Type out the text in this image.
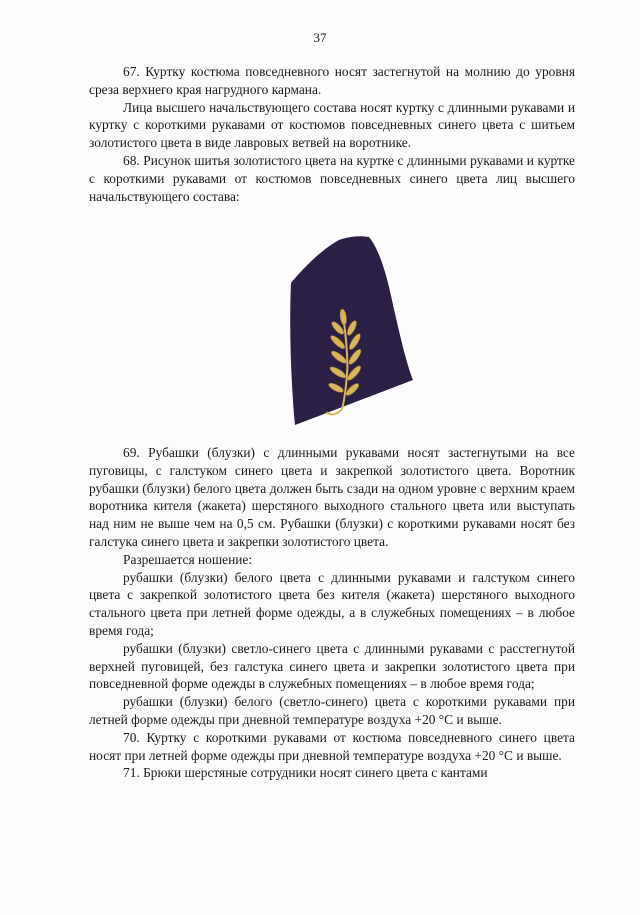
37

67. Куртку костюма повседневного носят застегнутой на молнию до уровня среза верхнего края нагрудного кармана.

Лица высшего начальствующего состава носят куртку с длинными рукавами и куртку с короткими рукавами от костюмов повседневных синего цвета с шитьем золотистого цвета в виде лавровых ветвей на воротнике.

68. Рисунок шитья золотистого цвета на куртке с длинными рукавами и куртке с короткими рукавами от костюмов повседневных синего цвета лиц высшего начальствующего состава:

69. Рубашки (блузки) с длинными рукавами носят застегнутыми на все пуговицы, с галстуком синего цвета и закрепкой золотистого цвета. Воротник рубашки (блузки) белого цвета должен быть сзади на одном уровне с верхним краем воротника кителя (жакета) шерстяного выходного стального цвета или выступать над ним не выше чем на 0,5 см. Рубашки (блузки) с короткими рукавами носят без галстука синего цвета и закрепки золотистого цвета.

Разрешается ношение:

рубашки (блузки) белого цвета с длинными рукавами и галстуком синего цвета с закрепкой золотистого цвета без кителя (жакета) шерстяного выходного стального цвета при летней форме одежды, а в служебных помещениях – в любое время года;

рубашки (блузки) светло-синего цвета с длинными рукавами с расстегнутой верхней пуговицей, без галстука синего цвета и закрепки золотистого цвета при повседневной форме одежды в служебных помещениях – в любое время года;

рубашки (блузки) белого (светло-синего) цвета с короткими рукавами при летней форме одежды при дневной температуре воздуха +20 °С и выше.

70. Куртку с короткими рукавами от костюма повседневного синего цвета носят при летней форме одежды при дневной температуре воздуха +20 °С и выше.

71. Брюки шерстяные сотрудники носят синего цвета с кантами
